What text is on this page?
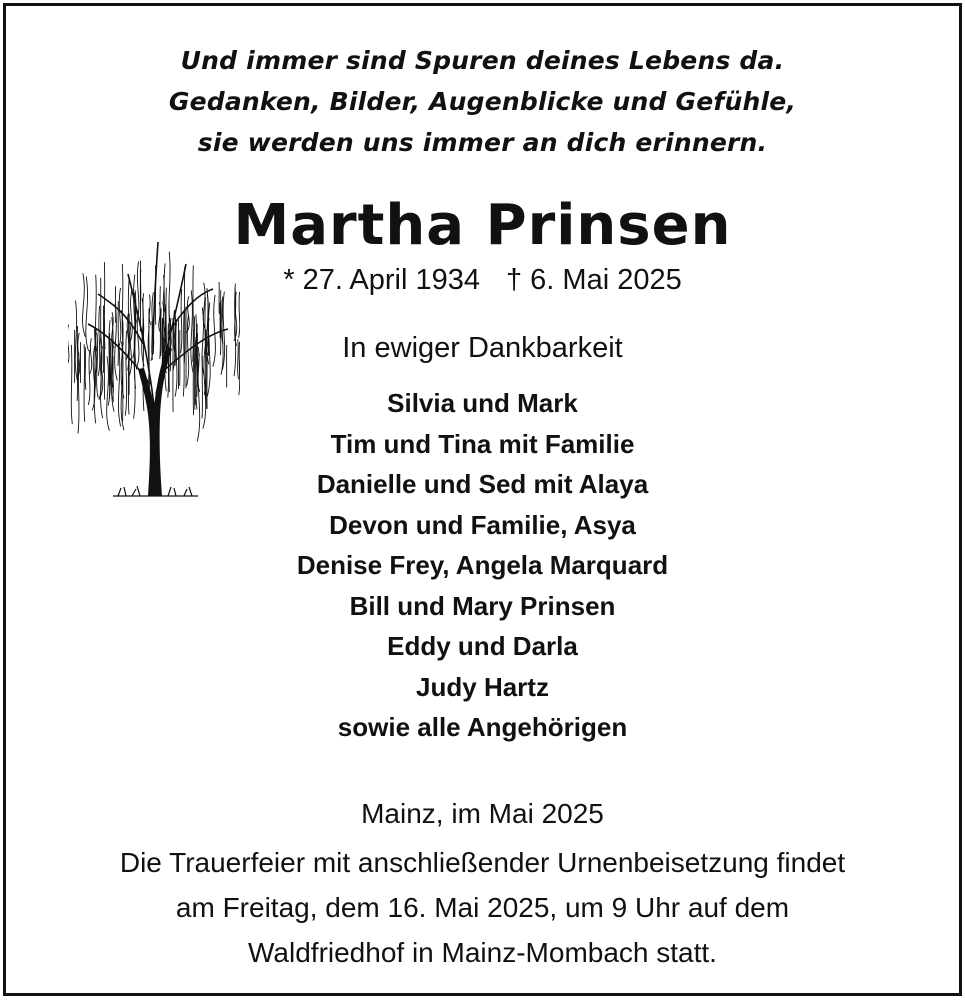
Und immer sind Spuren deines Lebens da.
Gedanken, Bilder, Augenblicke und Gefühle,
sie werden uns immer an dich erinnern.
Martha Prinsen
* 27. April 1934 † 6. Mai 2025
In ewiger Dankbarkeit
Silvia und Mark
Tim und Tina mit Familie
Danielle und Sed mit Alaya
Devon und Familie, Asya
Denise Frey, Angela Marquard
Bill und Mary Prinsen
Eddy und Darla
Judy Hartz
sowie alle Angehörigen
Mainz, im Mai 2025
Die Trauerfeier mit anschließender Urnenbeisetzung findet
am Freitag, dem 16. Mai 2025, um 9 Uhr auf dem
Waldfriedhof in Mainz-Mombach statt.
